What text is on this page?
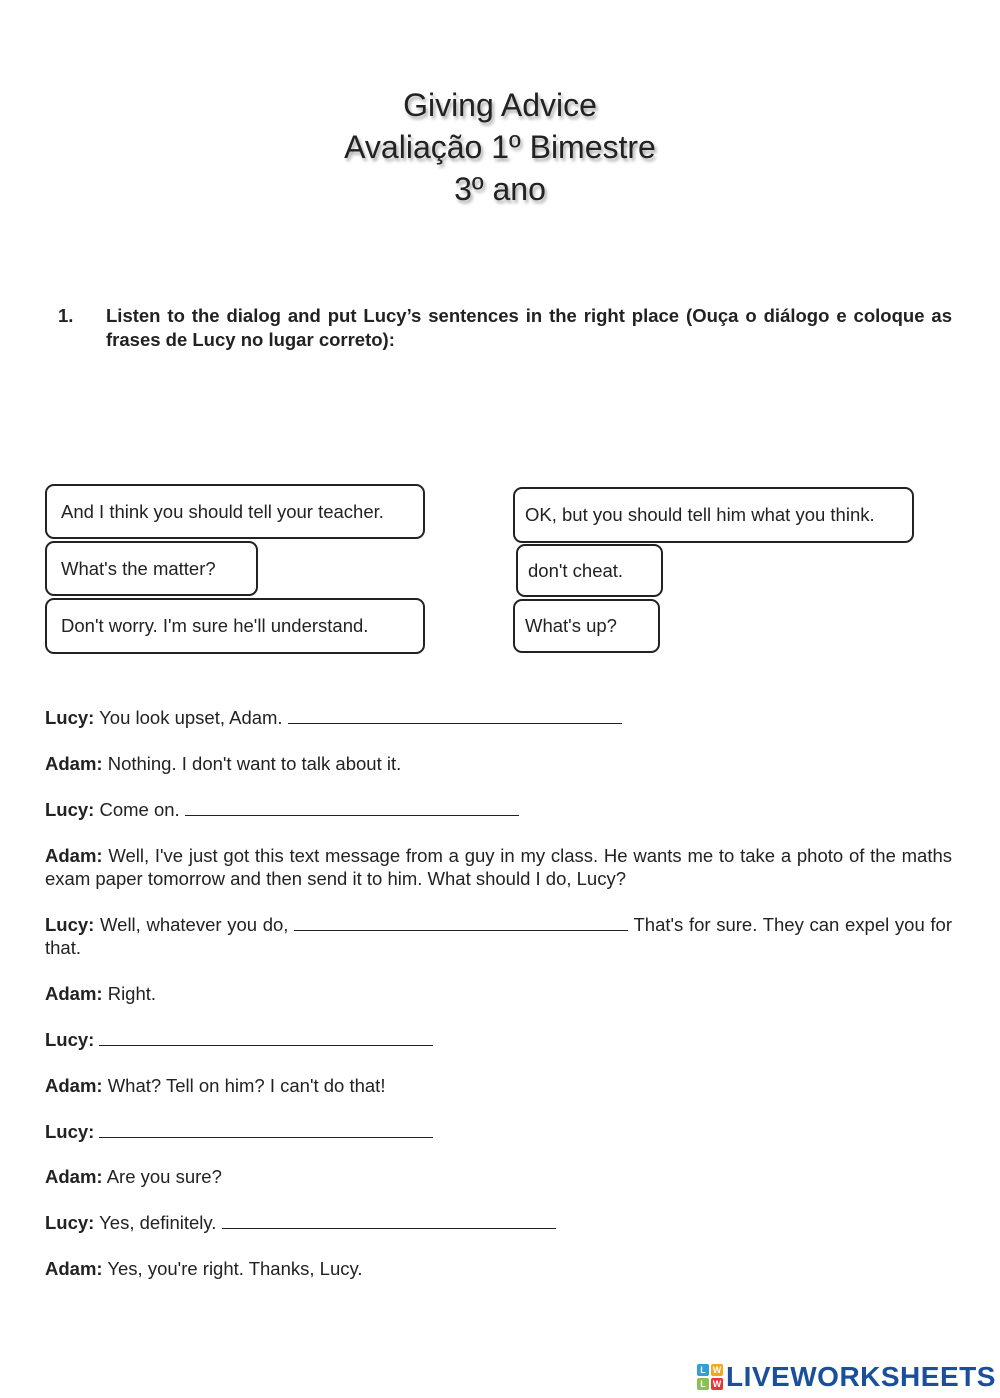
Giving Advice
Avaliação 1º Bimestre
3º ano
1. Listen to the dialog and put Lucy’s sentences in the right place (Ouça o diálogo e coloque as frases de Lucy no lugar correto):
And I think you should tell your teacher.
What's the matter?
Don't worry. I'm sure he'll understand.
OK, but you should tell him what you think.
don't cheat.
What's up?
Lucy: You look upset, Adam.
Adam: Nothing. I don't want to talk about it.
Lucy: Come on.
Adam: Well, I've just got this text message from a guy in my class. He wants me to take a photo of the maths exam paper tomorrow and then send it to him. What should I do, Lucy?
Lucy: Well, whatever you do,	That's for sure. They can expel you for that.
Adam: Right.
Lucy:
Adam: What? Tell on him? I can't do that!
Lucy:
Adam: Are you sure?
Lucy: Yes, definitely.
Adam: Yes, you're right. Thanks, Lucy.
L W
L W LIVEWORKSHEETS
